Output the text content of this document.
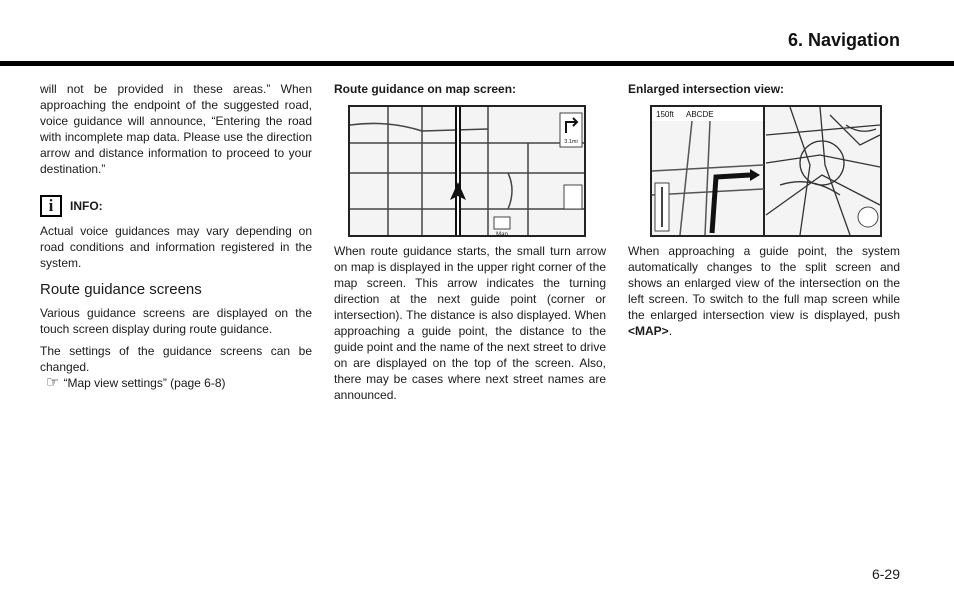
6. Navigation

will not be provided in these areas.” When approaching the endpoint of the suggested road, voice guidance will announce, “Entering the road with incomplete map data. Please use the direction arrow and distance information to proceed to your destination.”

i	INFO:

Actual voice guidances may vary depending on road conditions and information registered in the system.

Route guidance screens

Various guidance screens are displayed on the touch screen display during route guidance.

The settings of the guidance screens can be changed.

☞ “Map view settings” (page 6-8)
Route guidance on map screen:
3.1mi
Map

When route guidance starts, the small turn arrow on map is displayed in the upper right corner of the map screen. This arrow indicates the turning direction at the next guide point (corner or intersection). The distance is also displayed. When approaching a guide point, the distance to the guide point and the name of the next street to drive on are displayed on the top of the screen. Also, there may be cases where next street names are announced.

Enlarged intersection view:
150ft ABCDE

When approaching a guide point, the system automatically changes to the split screen and shows an enlarged view of the intersection on the left screen. To switch to the full map screen while the enlarged intersection view is displayed, push <MAP>.

6-29
